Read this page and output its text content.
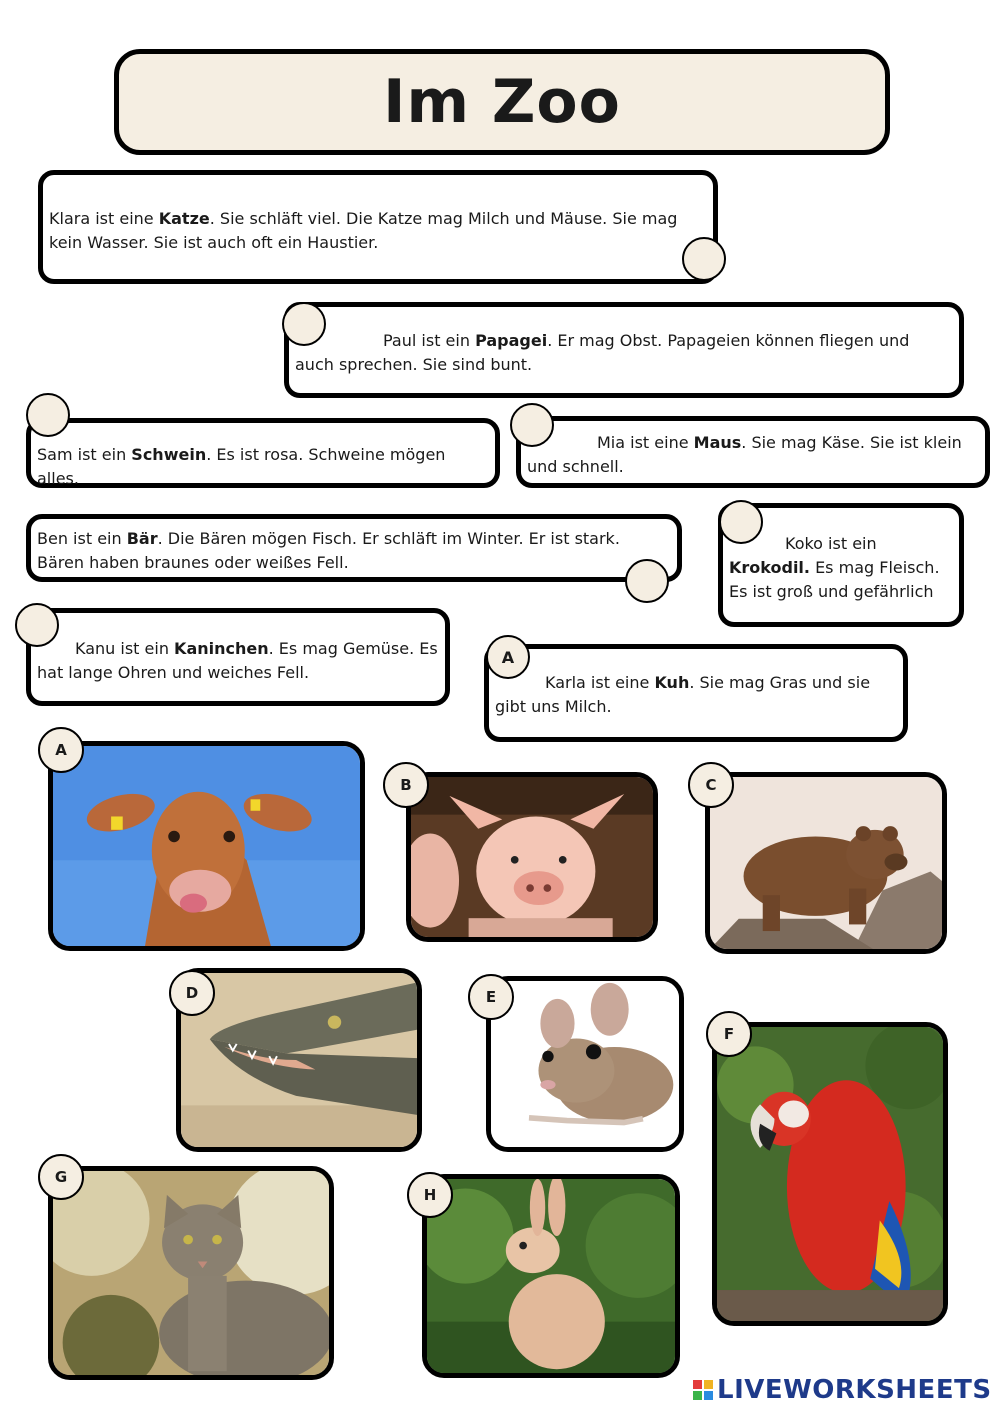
Im Zoo

Klara ist eine Katze. Sie schläft viel. Die Katze mag Milch und Mäuse. Sie mag kein Wasser. Sie ist auch oft ein Haustier.

Paul ist ein Papagei. Er mag Obst. Papageien können fliegen und auch sprechen. Sie sind bunt.

Sam ist ein Schwein. Es ist rosa. Schweine mögen alles.

Mia ist eine Maus. Sie mag Käse. Sie ist klein und schnell.

Ben ist ein Bär. Die Bären mögen Fisch. Er schläft im Winter. Er ist stark. Bären haben braunes oder weißes Fell.

Koko ist ein Krokodil. Es mag Fleisch. Es ist groß und gefährlich

Kanu ist ein Kaninchen. Es mag Gemüse. Es hat lange Ohren und weiches Fell.

Karla ist eine Kuh. Sie mag Gras und sie gibt uns Milch.

A
A
B	C
D	E
F
G
H
LIVEWORKSHEETS
